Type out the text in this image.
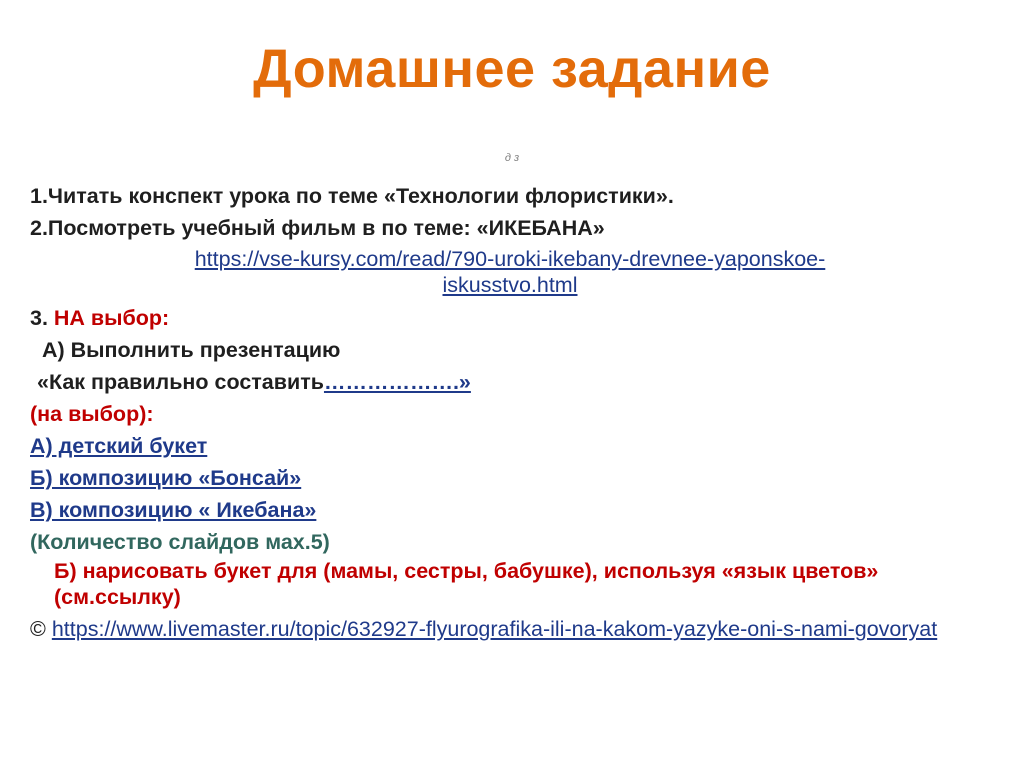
Домашнее задание
д з
1.Читать конспект урока по теме «Технологии флористики».
2.Посмотреть учебный фильм в по теме: «ИКЕБАНА»
https://vse-kursy.com/read/790-uroki-ikebany-drevnee-yaponskoe-
iskusstvo.html
3. НА выбор:
А) Выполнить презентацию
«Как правильно составить……………….»
(на выбор):
А) детский букет
Б) композицию «Бонсай»
В) композицию « Икебана»
(Количество слайдов мах.5)
Б) нарисовать букет для (мамы, сестры, бабушке), используя «язык цветов» (см.ссылку)
© https://www.livemaster.ru/topic/632927-flyurografika-ili-na-kakom-yazyke-oni-s-nami-govoryat
